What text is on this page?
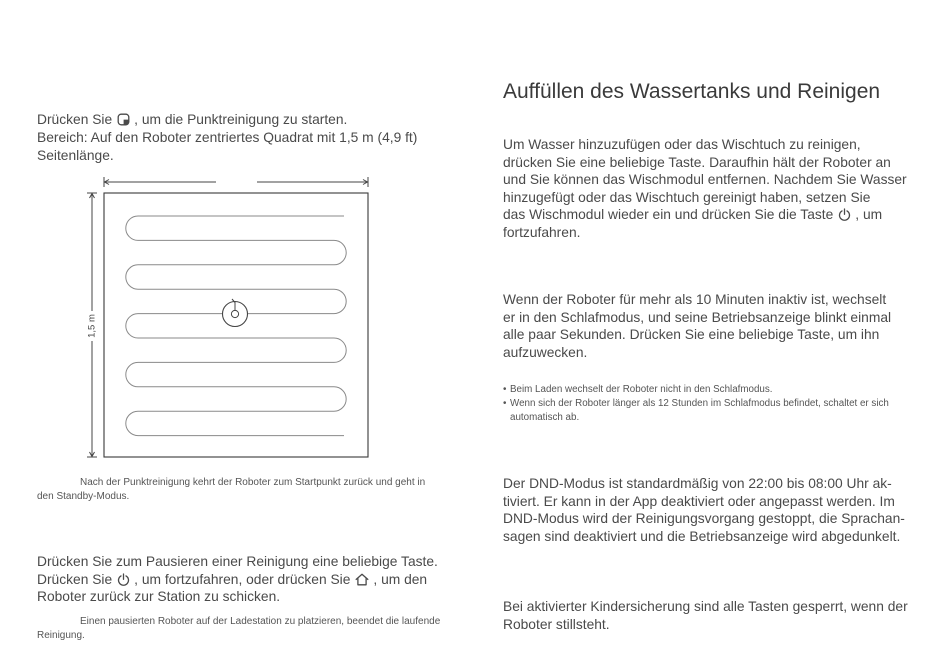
Drücken Sie , um die Punktreinigung zu starten.
Bereich: Auf den Roboter zentriertes Quadrat mit 1,5 m (4,9 ft)
Seitenlänge.
1,5 m
Nach der Punktreinigung kehrt der Roboter zum Startpunkt zurück und geht in
den Standby-Modus.
Drücken Sie zum Pausieren einer Reinigung eine beliebige Taste.
Drücken Sie , um fortzufahren, oder drücken Sie , um den
Roboter zurück zur Station zu schicken.
Einen pausierten Roboter auf der Ladestation zu platzieren, beendet die laufende
Reinigung.
Auffüllen des Wassertanks und Reinigen
Um Wasser hinzuzufügen oder das Wischtuch zu reinigen,
drücken Sie eine beliebige Taste. Daraufhin hält der Roboter an
und Sie können das Wischmodul entfernen. Nachdem Sie Wasser
hinzugefügt oder das Wischtuch gereinigt haben, setzen Sie
das Wischmodul wieder ein und drücken Sie die Taste , um
fortzufahren.
Wenn der Roboter für mehr als 10 Minuten inaktiv ist, wechselt
er in den Schlafmodus, und seine Betriebsanzeige blinkt einmal
alle paar Sekunden. Drücken Sie eine beliebige Taste, um ihn
aufzuwecken.
• Beim Laden wechselt der Roboter nicht in den Schlafmodus.
• Wenn sich der Roboter länger als 12 Stunden im Schlafmodus befindet, schaltet er sich
automatisch ab.
Der DND-Modus ist standardmäßig von 22:00 bis 08:00 Uhr ak-
tiviert. Er kann in der App deaktiviert oder angepasst werden. Im
DND-Modus wird der Reinigungsvorgang gestoppt, die Sprachan-
sagen sind deaktiviert und die Betriebsanzeige wird abgedunkelt.
Bei aktivierter Kindersicherung sind alle Tasten gesperrt, wenn der
Roboter stillsteht.
